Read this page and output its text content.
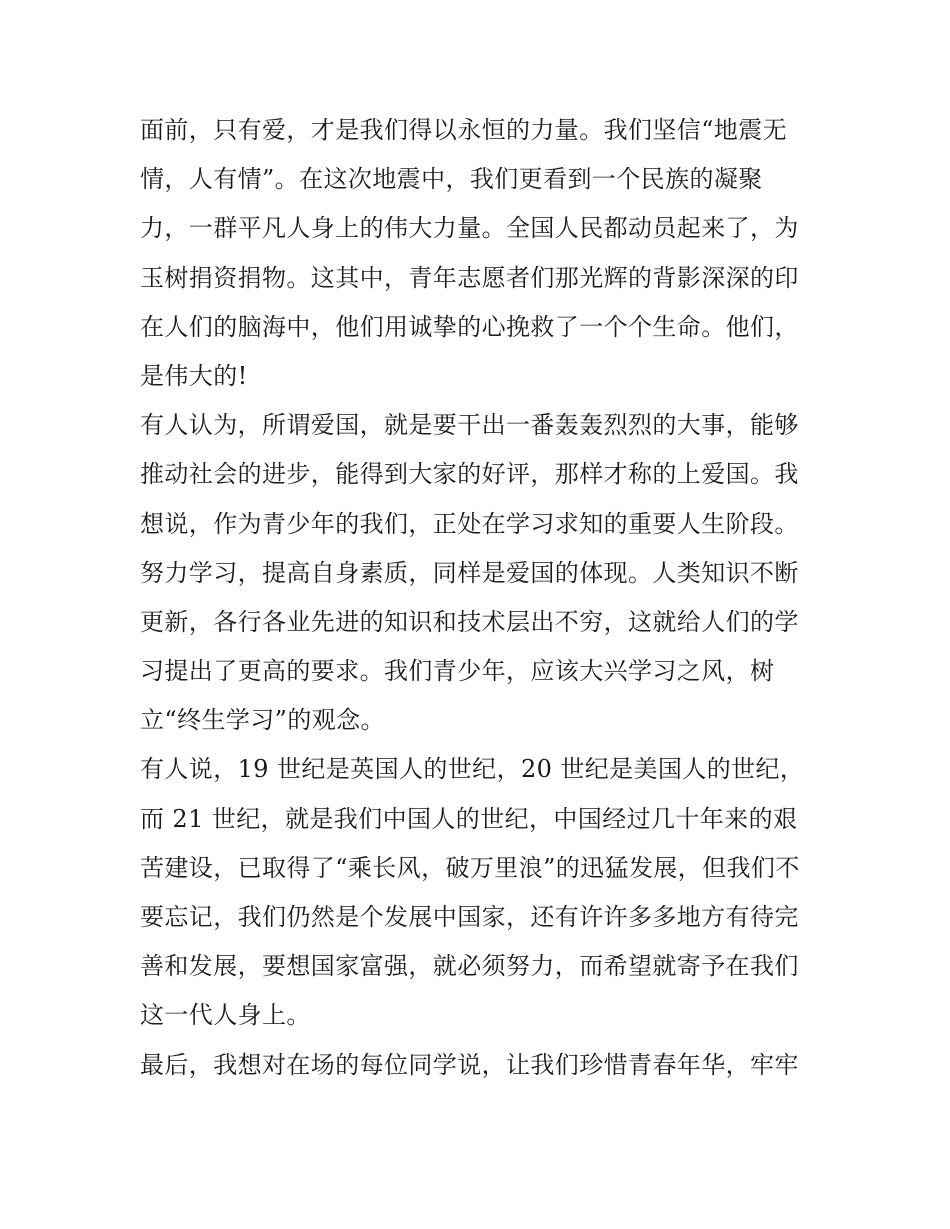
面前，只有爱，才是我们得以永恒的力量。我们坚信“地震无
情，人有情”。在这次地震中，我们更看到一个民族的凝聚
力，一群平凡人身上的伟大力量。全国人民都动员起来了，为
玉树捐资捐物。这其中，青年志愿者们那光辉的背影深深的印
在人们的脑海中，他们用诚挚的心挽救了一个个生命。他们，
是伟大的!
有人认为，所谓爱国，就是要干出一番轰轰烈烈的大事，能够
推动社会的进步，能得到大家的好评，那样才称的上爱国。我
想说，作为青少年的我们，正处在学习求知的重要人生阶段。
努力学习，提高自身素质，同样是爱国的体现。人类知识不断
更新，各行各业先进的知识和技术层出不穷，这就给人们的学
习提出了更高的要求。我们青少年，应该大兴学习之风，树
立“终生学习”的观念。
有人说，19 世纪是英国人的世纪，20 世纪是美国人的世纪，
而 21 世纪，就是我们中国人的世纪，中国经过几十年来的艰
苦建设，已取得了“乘长风，破万里浪”的迅猛发展，但我们不
要忘记，我们仍然是个发展中国家，还有许许多多地方有待完
善和发展，要想国家富强，就必须努力，而希望就寄予在我们
这一代人身上。
最后，我想对在场的每位同学说，让我们珍惜青春年华，牢牢
